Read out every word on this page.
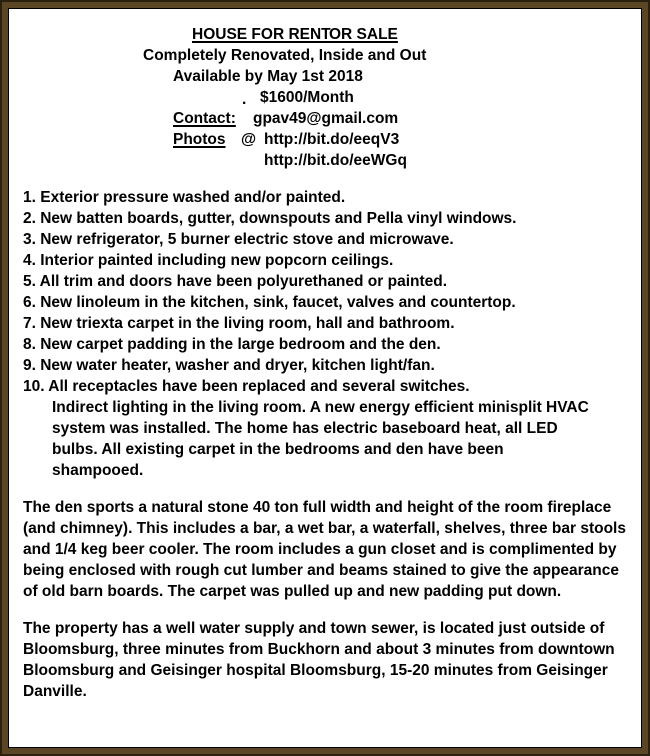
HOUSE FOR RENT
OR SALE
Completely Renovated, Inside and Out
Available by May 1st 2018
. $1600/Month
Contact: gpav49@gmail.com
Photos @ http://bit.do/eeqV3
http://bit.do/eeWGq
1. Exterior pressure washed and/or painted.
2. New batten boards, gutter, downspouts and Pella vinyl windows.
3. New refrigerator, 5 burner electric stove and microwave.
4. Interior painted including new popcorn ceilings.
5. All trim and doors have been polyurethaned or painted.
6. New linoleum in the kitchen, sink, faucet, valves and countertop.
7. New triexta carpet in the living room, hall and bathroom.
8. New carpet padding in the large bedroom and the den.
9. New water heater, washer and dryer, kitchen light/fan.
10. All receptacles have been replaced and several switches.
Indirect lighting in the living room. A new energy efficient minisplit HVAC system was installed. The home has electric baseboard heat, all LED bulbs. All existing carpet in the bedrooms and den have been shampooed.

The den sports a natural stone 40 ton full width and height of the room fireplace (and chimney). This includes a bar, a wet bar, a waterfall, shelves, three bar stools and 1/4 keg beer cooler. The room includes a gun closet and is complimented by being enclosed with rough cut lumber and beams stained to give the appearance of old barn boards. The carpet was pulled up and new padding put down.

The property has a well water supply and town sewer, is located just outside of Bloomsburg, three minutes from Buckhorn and about 3 minutes from downtown Bloomsburg and Geisinger hospital Bloomsburg, 15-20 minutes from Geisinger Danville.
